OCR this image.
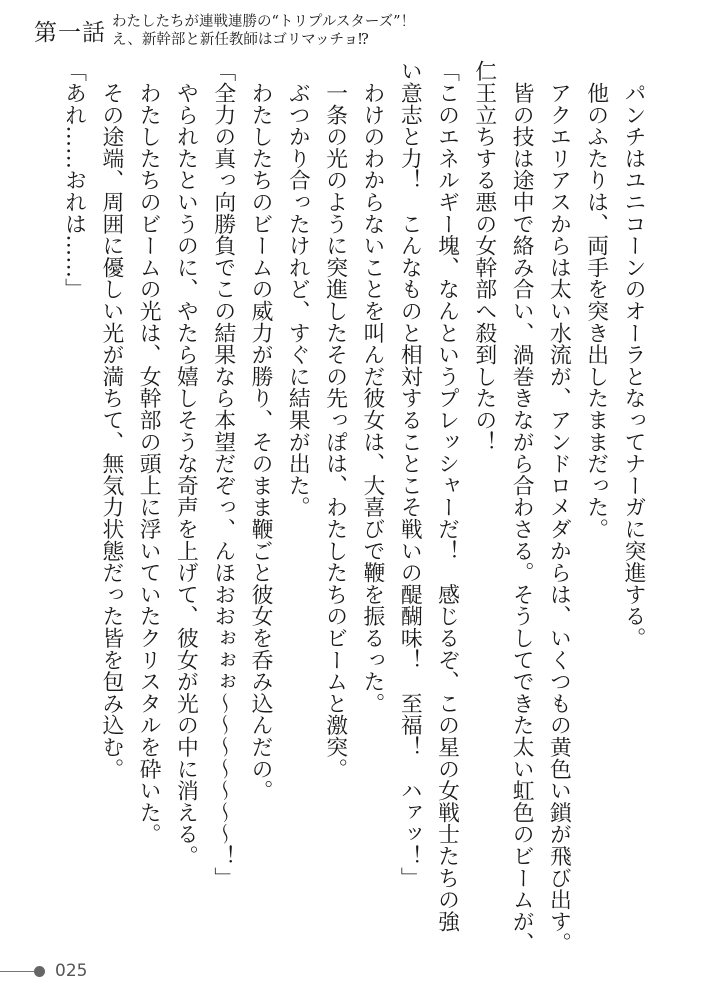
第一話 わたしたちが連戦連勝の“トリプルスターズ”！
え、新幹部と新任教師はゴリマッチョ⁉
　パンチはユニコーンのオーラとなってナーガに突進する。
　他のふたりは、両手を突き出したままだった。
　アクエリアスからは太い水流が、アンドロメダからは、いくつもの黄色い鎖が飛び出す。
　皆の技は途中で絡み合い、渦巻きながら合わさる。そうしてできた太い虹色のビームが、
仁王立ちする悪の女幹部へ殺到したの！
「このエネルギー塊、なんというプレッシャーだ！　感じるぞ、この星の女戦士たちの強
い意志と力！　こんなものと相対することこそ戦いの醍醐味！　至福！　ハァッ！」
　わけのわからないことを叫んだ彼女は、大喜びで鞭を振るった。
　一条の光のように突進したその先っぽは、わたしたちのビームと激突。
　ぶつかり合ったけれど、すぐに結果が出た。
　わたしたちのビームの威力が勝り、そのまま鞭ごと彼女を呑み込んだの。
「全力の真っ向勝負でこの結果なら本望だぞっ、んほおおぉぉぉ～～～～～～～！」
　やられたというのに、やたら嬉しそうな奇声を上げて、彼女が光の中に消える。
　わたしたちのビームの光は、女幹部の頭上に浮いていたクリスタルを砕いた。
　その途端、周囲に優しい光が満ちて、無気力状態だった皆を包み込む。
「あれ……おれは……」
025
